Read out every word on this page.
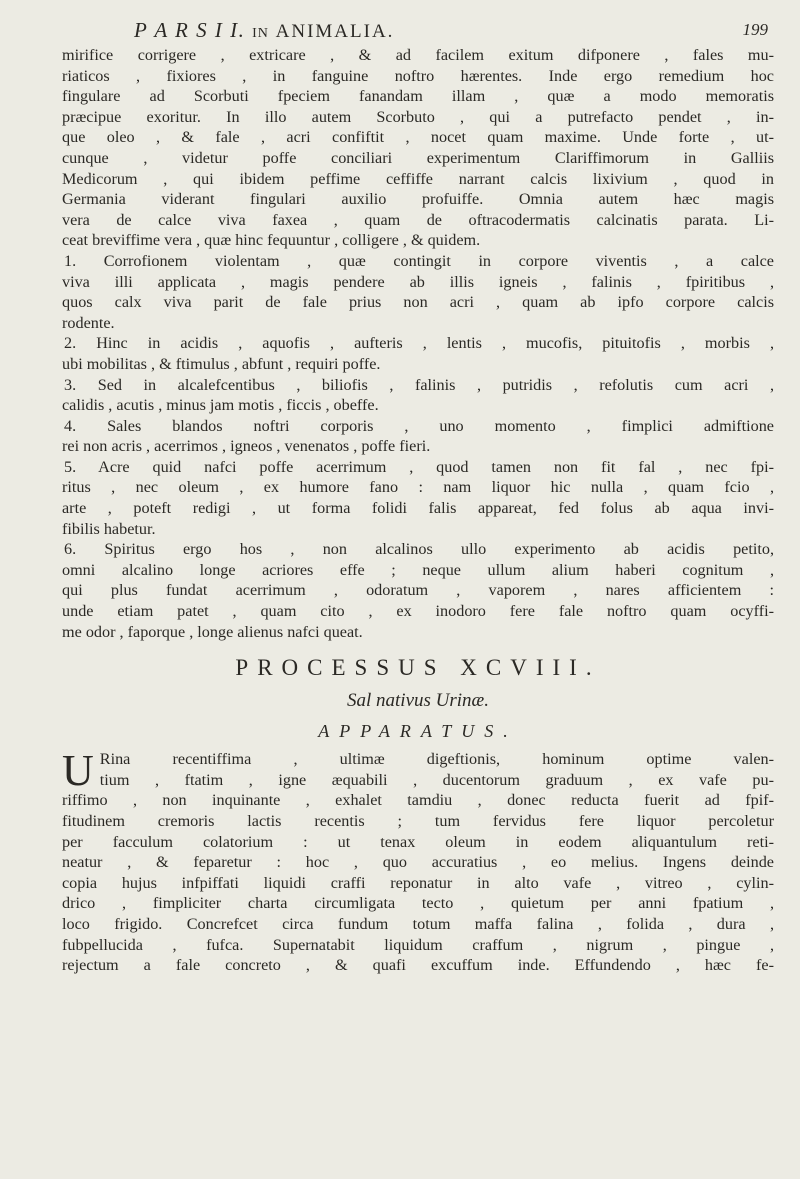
P A R S I I. IN ANIMALIA.	199
mirifice corrigere , extricare , & ad facilem exitum difponere , fales mu-
riaticos , fixiores , in fanguine noftro hærentes. Inde ergo remedium hoc
fingulare ad Scorbuti fpeciem fanandam illam , quæ a modo memoratis
præcipue exoritur. In illo autem Scorbuto , qui a putrefacto pendet , in-
que oleo , & fale , acri confiftit , nocet quam maxime. Unde forte , ut-
cunque , videtur poffe conciliari experimentum Clariffimorum in Galliis
Medicorum , qui ibidem peffime ceffiffe narrant calcis lixivium , quod in
Germania viderant fingulari auxilio profuiffe. Omnia autem hæc magis
vera de calce viva faxea , quam de oftracodermatis calcinatis parata. Li-
ceat breviffime vera , quæ hinc fequuntur , colligere , & quidem.
1. Corrofionem violentam , quæ contingit in corpore viventis , a calce
viva illi applicata , magis pendere ab illis igneis , falinis , fpiritibus ,
quos calx viva parit de fale prius non acri , quam ab ipfo corpore calcis
rodente.
2. Hinc in acidis , aquofis , aufteris , lentis , mucofis, pituitofis , morbis ,
ubi mobilitas , & ftimulus , abfunt , requiri poffe.
3. Sed in alcalefcentibus , biliofis , falinis , putridis , refolutis cum acri ,
calidis , acutis , minus jam motis , ficcis , obeffe.
4. Sales blandos noftri corporis , uno momento , fimplici admiftione
rei non acris , acerrimos , igneos , venenatos , poffe fieri.
5. Acre quid nafci poffe acerrimum , quod tamen non fit fal , nec fpi-
ritus , nec oleum , ex humore fano : nam liquor hic nulla , quam fcio ,
arte , poteft redigi , ut forma folidi falis appareat, fed folus ab aqua invi-
fibilis habetur.
6. Spiritus ergo hos , non alcalinos ullo experimento ab acidis petito,
omni alcalino longe acriores effe ; neque ullum alium haberi cognitum ,
qui plus fundat acerrimum , odoratum , vaporem , nares afficientem :
unde etiam patet , quam cito , ex inodoro fere fale noftro quam ocyffi-
me odor , faporque , longe alienus nafci queat.
PROCESSUS XCVIII.
Sal nativus Urinæ.
APPARATUS.
U Rina recentiffima , ultimæ digeftionis, hominum optime valen-
tium , ftatim , igne æquabili , ducentorum graduum , ex vafe pu-
riffimo , non inquinante , exhalet tamdiu , donec reducta fuerit ad fpif-
fitudinem cremoris lactis recentis ; tum fervidus fere liquor percoletur
per facculum colatorium : ut tenax oleum in eodem aliquantulum reti-
neatur , & feparetur : hoc , quo accuratius , eo melius. Ingens deinde
copia hujus infpiffati liquidi craffi reponatur in alto vafe , vitreo , cylin-
drico , fimpliciter charta circumligata tecto , quietum per anni fpatium ,
loco frigido. Concrefcet circa fundum totum maffa falina , folida , dura ,
fubpellucida , fufca. Supernatabit liquidum craffum , nigrum , pingue ,
rejectum a fale concreto , & quafi excuffum inde. Effundendo , hæc fe-
